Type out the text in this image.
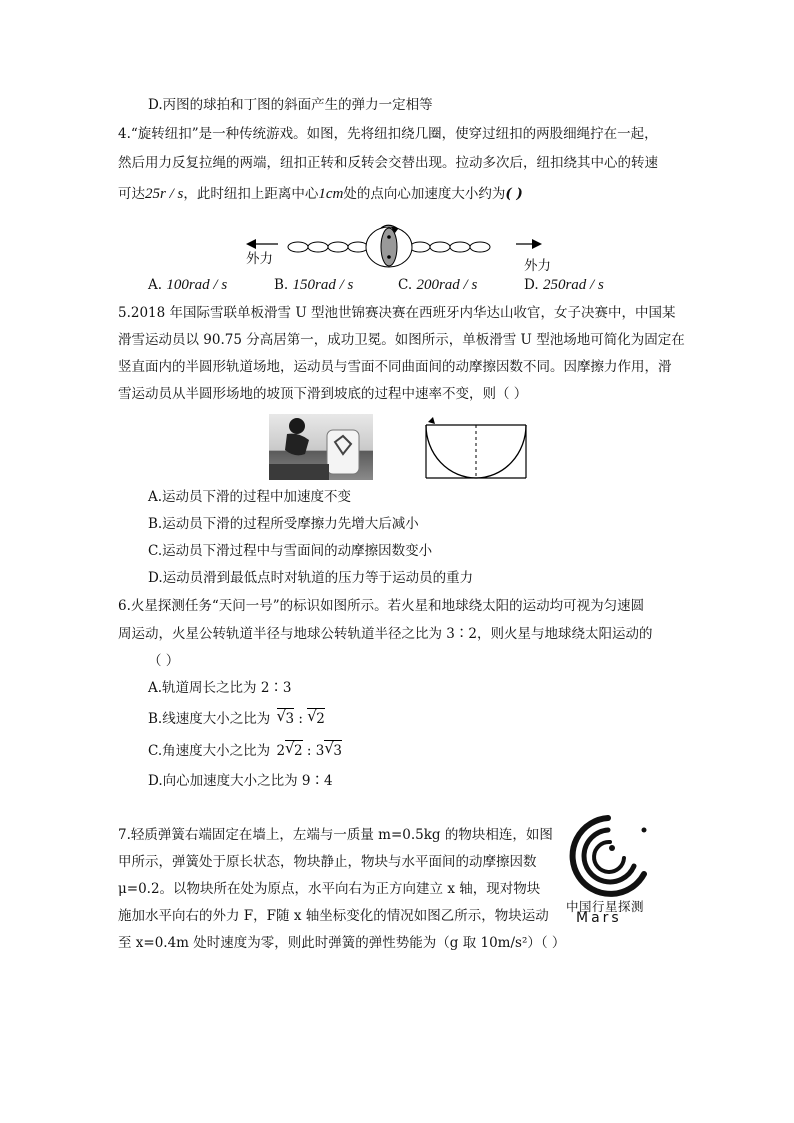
D.丙图的球拍和丁图的斜面产生的弹力一定相等
4.“旋转纽扣”是一种传统游戏。如图，先将纽扣绕几圈，使穿过纽扣的两股细绳拧在一起，
然后用力反复拉绳的两端，纽扣正转和反转会交替出现。拉动多次后，纽扣绕其中心的转速
可达25r / s，此时纽扣上距离中心1cm处的点向心加速度大小约为( )
外力	外力
A. 100rad / s	B. 150rad / s	C. 200rad / s	D. 250rad / s
5.2018 年国际雪联单板滑雪 U 型池世锦赛决赛在西班牙内华达山收官，女子决赛中，中国某
滑雪运动员以 90.75 分高居第一，成功卫冕。如图所示，单板滑雪 U 型池场地可简化为固定在
竖直面内的半圆形轨道场地，运动员与雪面不同曲面间的动摩擦因数不同。因摩擦力作用，滑
雪运动员从半圆形场地的坡顶下滑到坡底的过程中速率不变，则（ ）
A.运动员下滑的过程中加速度不变
B.运动员下滑的过程所受摩擦力先增大后减小
C.运动员下滑过程中与雪面间的动摩擦因数变小
D.运动员滑到最低点时对轨道的压力等于运动员的重力
6.火星探测任务“天问一号”的标识如图所示。若火星和地球绕太阳的运动均可视为匀速圆
周运动，火星公转轨道半径与地球公转轨道半径之比为 3∶2，则火星与地球绕太阳运动的
（ ）
A.轨道周长之比为 2∶3
B.线速度大小之比为 √ 3 : √ 2
C.角速度大小之比为 2 √ 2 : 3 √ 3
D.向心加速度大小之比为 9∶4
7.轻质弹簧右端固定在墙上，左端与一质量 m=0.5kg 的物块相连，如图
甲所示，弹簧处于原长状态，物块静止，物块与水平面间的动摩擦因数
μ=0.2。以物块所在处为原点，水平向右为正方向建立 x 轴，现对物块
施加水平向右的外力 F，F随 x 轴坐标变化的情况如图乙所示，物块运动
至 x=0.4m 处时速度为零，则此时弹簧的弹性势能为（g 取 10m/s²）（ ）
中国行星探测
Mars
